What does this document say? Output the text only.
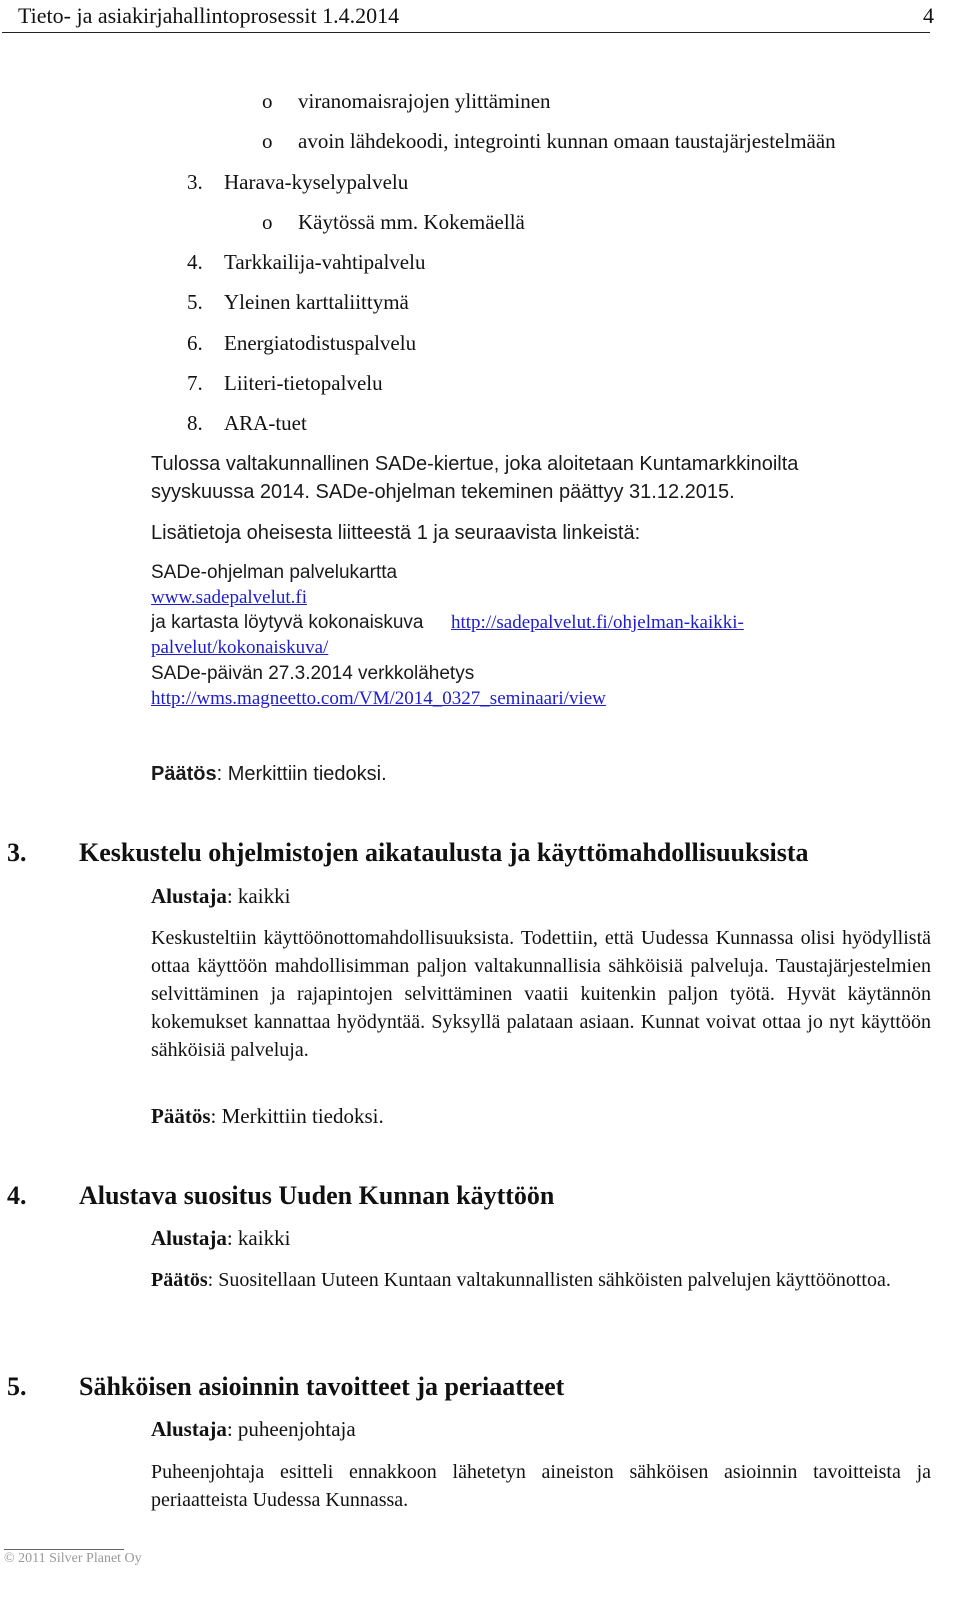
Tieto- ja asiakirjahallintoprosessit 1.4.2014	4
o viranomaisrajojen ylittäminen
o avoin lähdekoodi, integrointi kunnan omaan taustajärjestelmään
3. Harava-kyselypalvelu
o Käytössä mm. Kokemäellä
4. Tarkkailija-vahtipalvelu
5. Yleinen karttaliittymä
6. Energiatodistuspalvelu
7. Liiteri-tietopalvelu
8. ARA-tuet
Tulossa valtakunnallinen SADe-kiertue, joka aloitetaan Kuntamarkkinoilta
syyskuussa 2014. SADe-ohjelman tekeminen päättyy 31.12.2015.
Lisätietoja oheisesta liitteestä 1 ja seuraavista linkeistä:
SADe-ohjelman palvelukartta
www.sadepalvelut.fi
ja kartasta löytyvä kokonaiskuva http://sadepalvelut.fi/ohjelman-kaikki-
palvelut/kokonaiskuva/
SADe-päivän 27.3.2014 verkkolähetys
http://wms.magneetto.com/VM/2014_0327_seminaari/view
Päätös: Merkittiin tiedoksi.
3. Keskustelu ohjelmistojen aikataulusta ja käyttömahdollisuuksista
Alustaja: kaikki
Keskusteltiin käyttöönottomahdollisuuksista. Todettiin, että Uudessa Kunnassa olisi hyödyllistä ottaa käyttöön mahdollisimman paljon valtakunnallisia sähköisiä palveluja. Taustajärjestelmien selvittäminen ja rajapintojen selvittäminen vaatii kuitenkin paljon työtä. Hyvät käytännön kokemukset kannattaa hyödyntää. Syksyllä palataan asiaan. Kunnat voivat ottaa jo nyt käyttöön sähköisiä palveluja.
Päätös: Merkittiin tiedoksi.
4. Alustava suositus Uuden Kunnan käyttöön
Alustaja: kaikki
Päätös: Suositellaan Uuteen Kuntaan valtakunnallisten sähköisten palvelujen käyttöönottoa.
5. Sähköisen asioinnin tavoitteet ja periaatteet
Alustaja: puheenjohtaja
Puheenjohtaja esitteli ennakkoon lähetetyn aineiston sähköisen asioinnin tavoitteista ja periaatteista Uudessa Kunnassa.
© 2011 Silver Planet Oy
